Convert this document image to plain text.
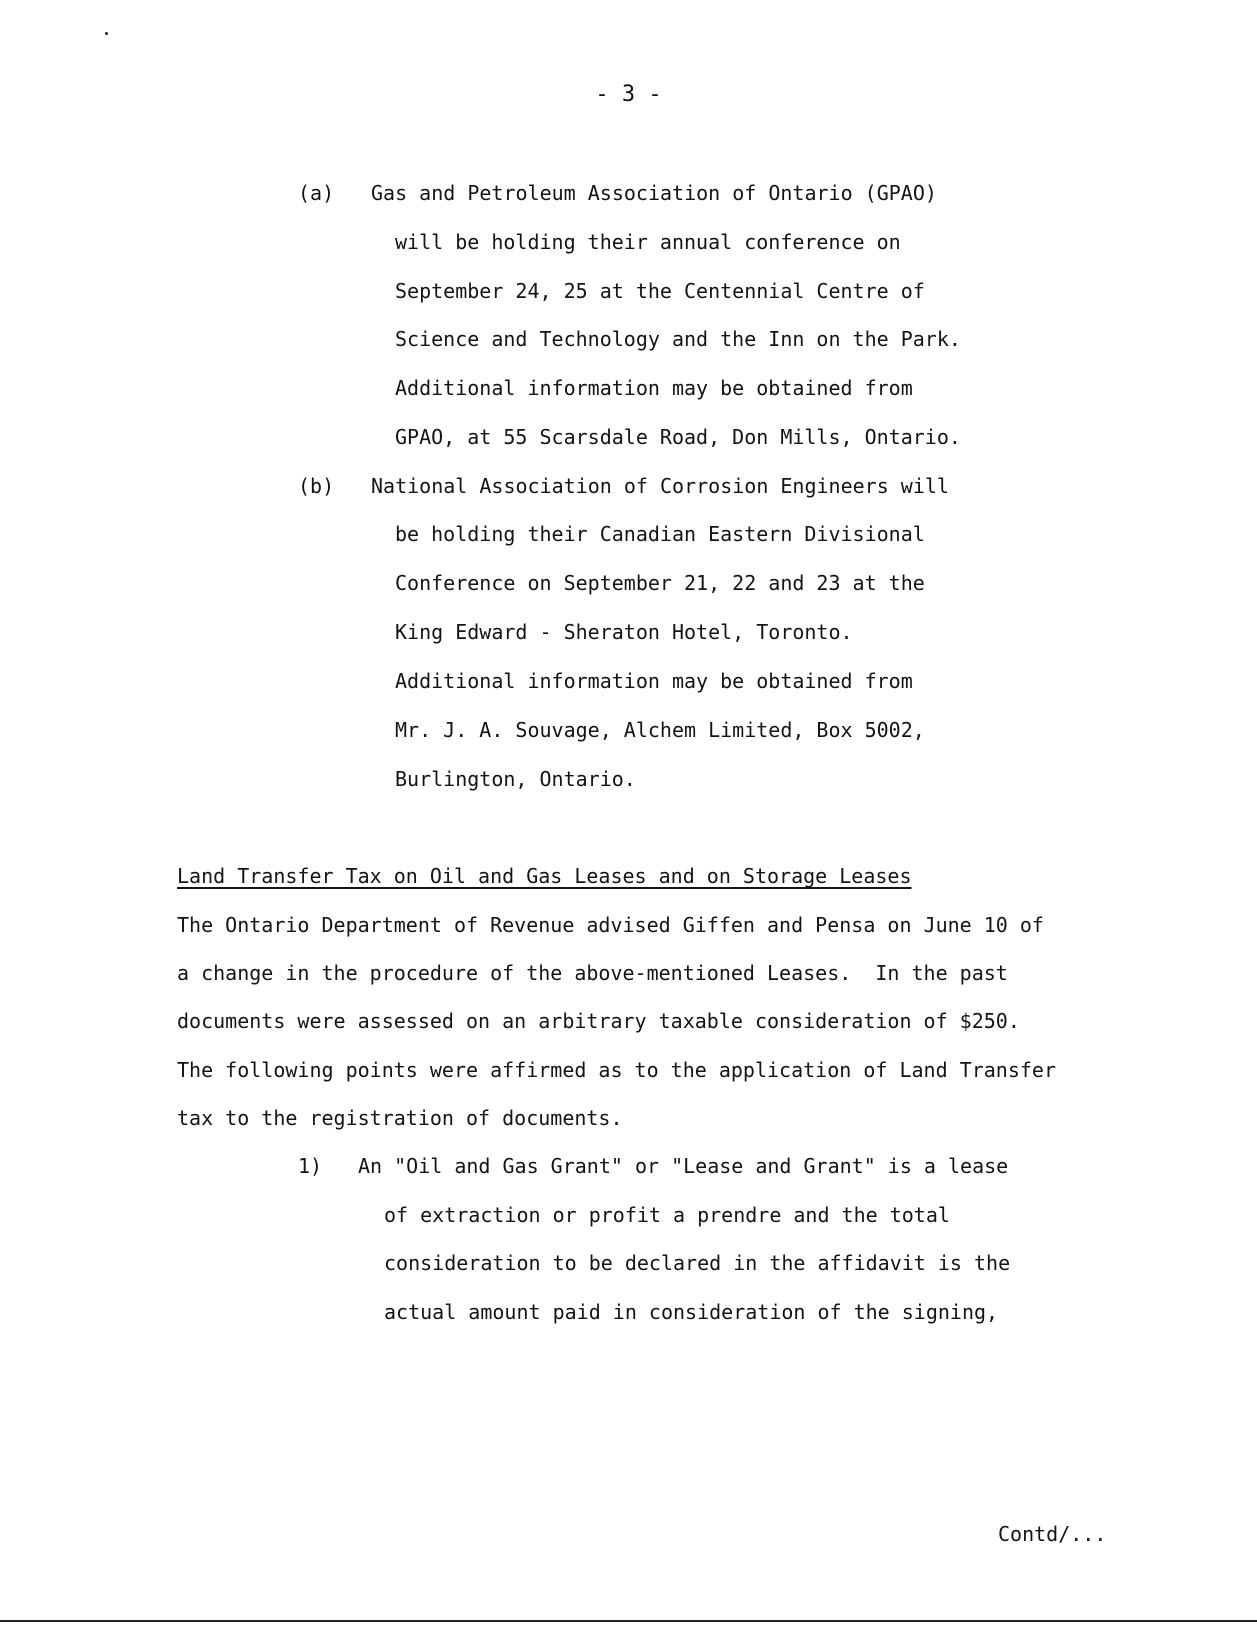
- 3 -
(a) Gas and Petroleum Association of Ontario (GPAO)
will be holding their annual conference on
September 24, 25 at the Centennial Centre of
Science and Technology and the Inn on the Park.
Additional information may be obtained from
GPAO, at 55 Scarsdale Road, Don Mills, Ontario.
(b) National Association of Corrosion Engineers will
be holding their Canadian Eastern Divisional
Conference on September 21, 22 and 23 at the
King Edward - Sheraton Hotel, Toronto.
Additional information may be obtained from
Mr. J. A. Souvage, Alchem Limited, Box 5002,
Burlington, Ontario.
Land Transfer Tax on Oil and Gas Leases and on Storage Leases
The Ontario Department of Revenue advised Giffen and Pensa on June 10 of
a change in the procedure of the above-mentioned Leases.  In the past
documents were assessed on an arbitrary taxable consideration of $250.
The following points were affirmed as to the application of Land Transfer
tax to the registration of documents.
1) An "Oil and Gas Grant" or "Lease and Grant" is a lease
of extraction or profit a prendre and the total
consideration to be declared in the affidavit is the
actual amount paid in consideration of the signing,
Contd/...
